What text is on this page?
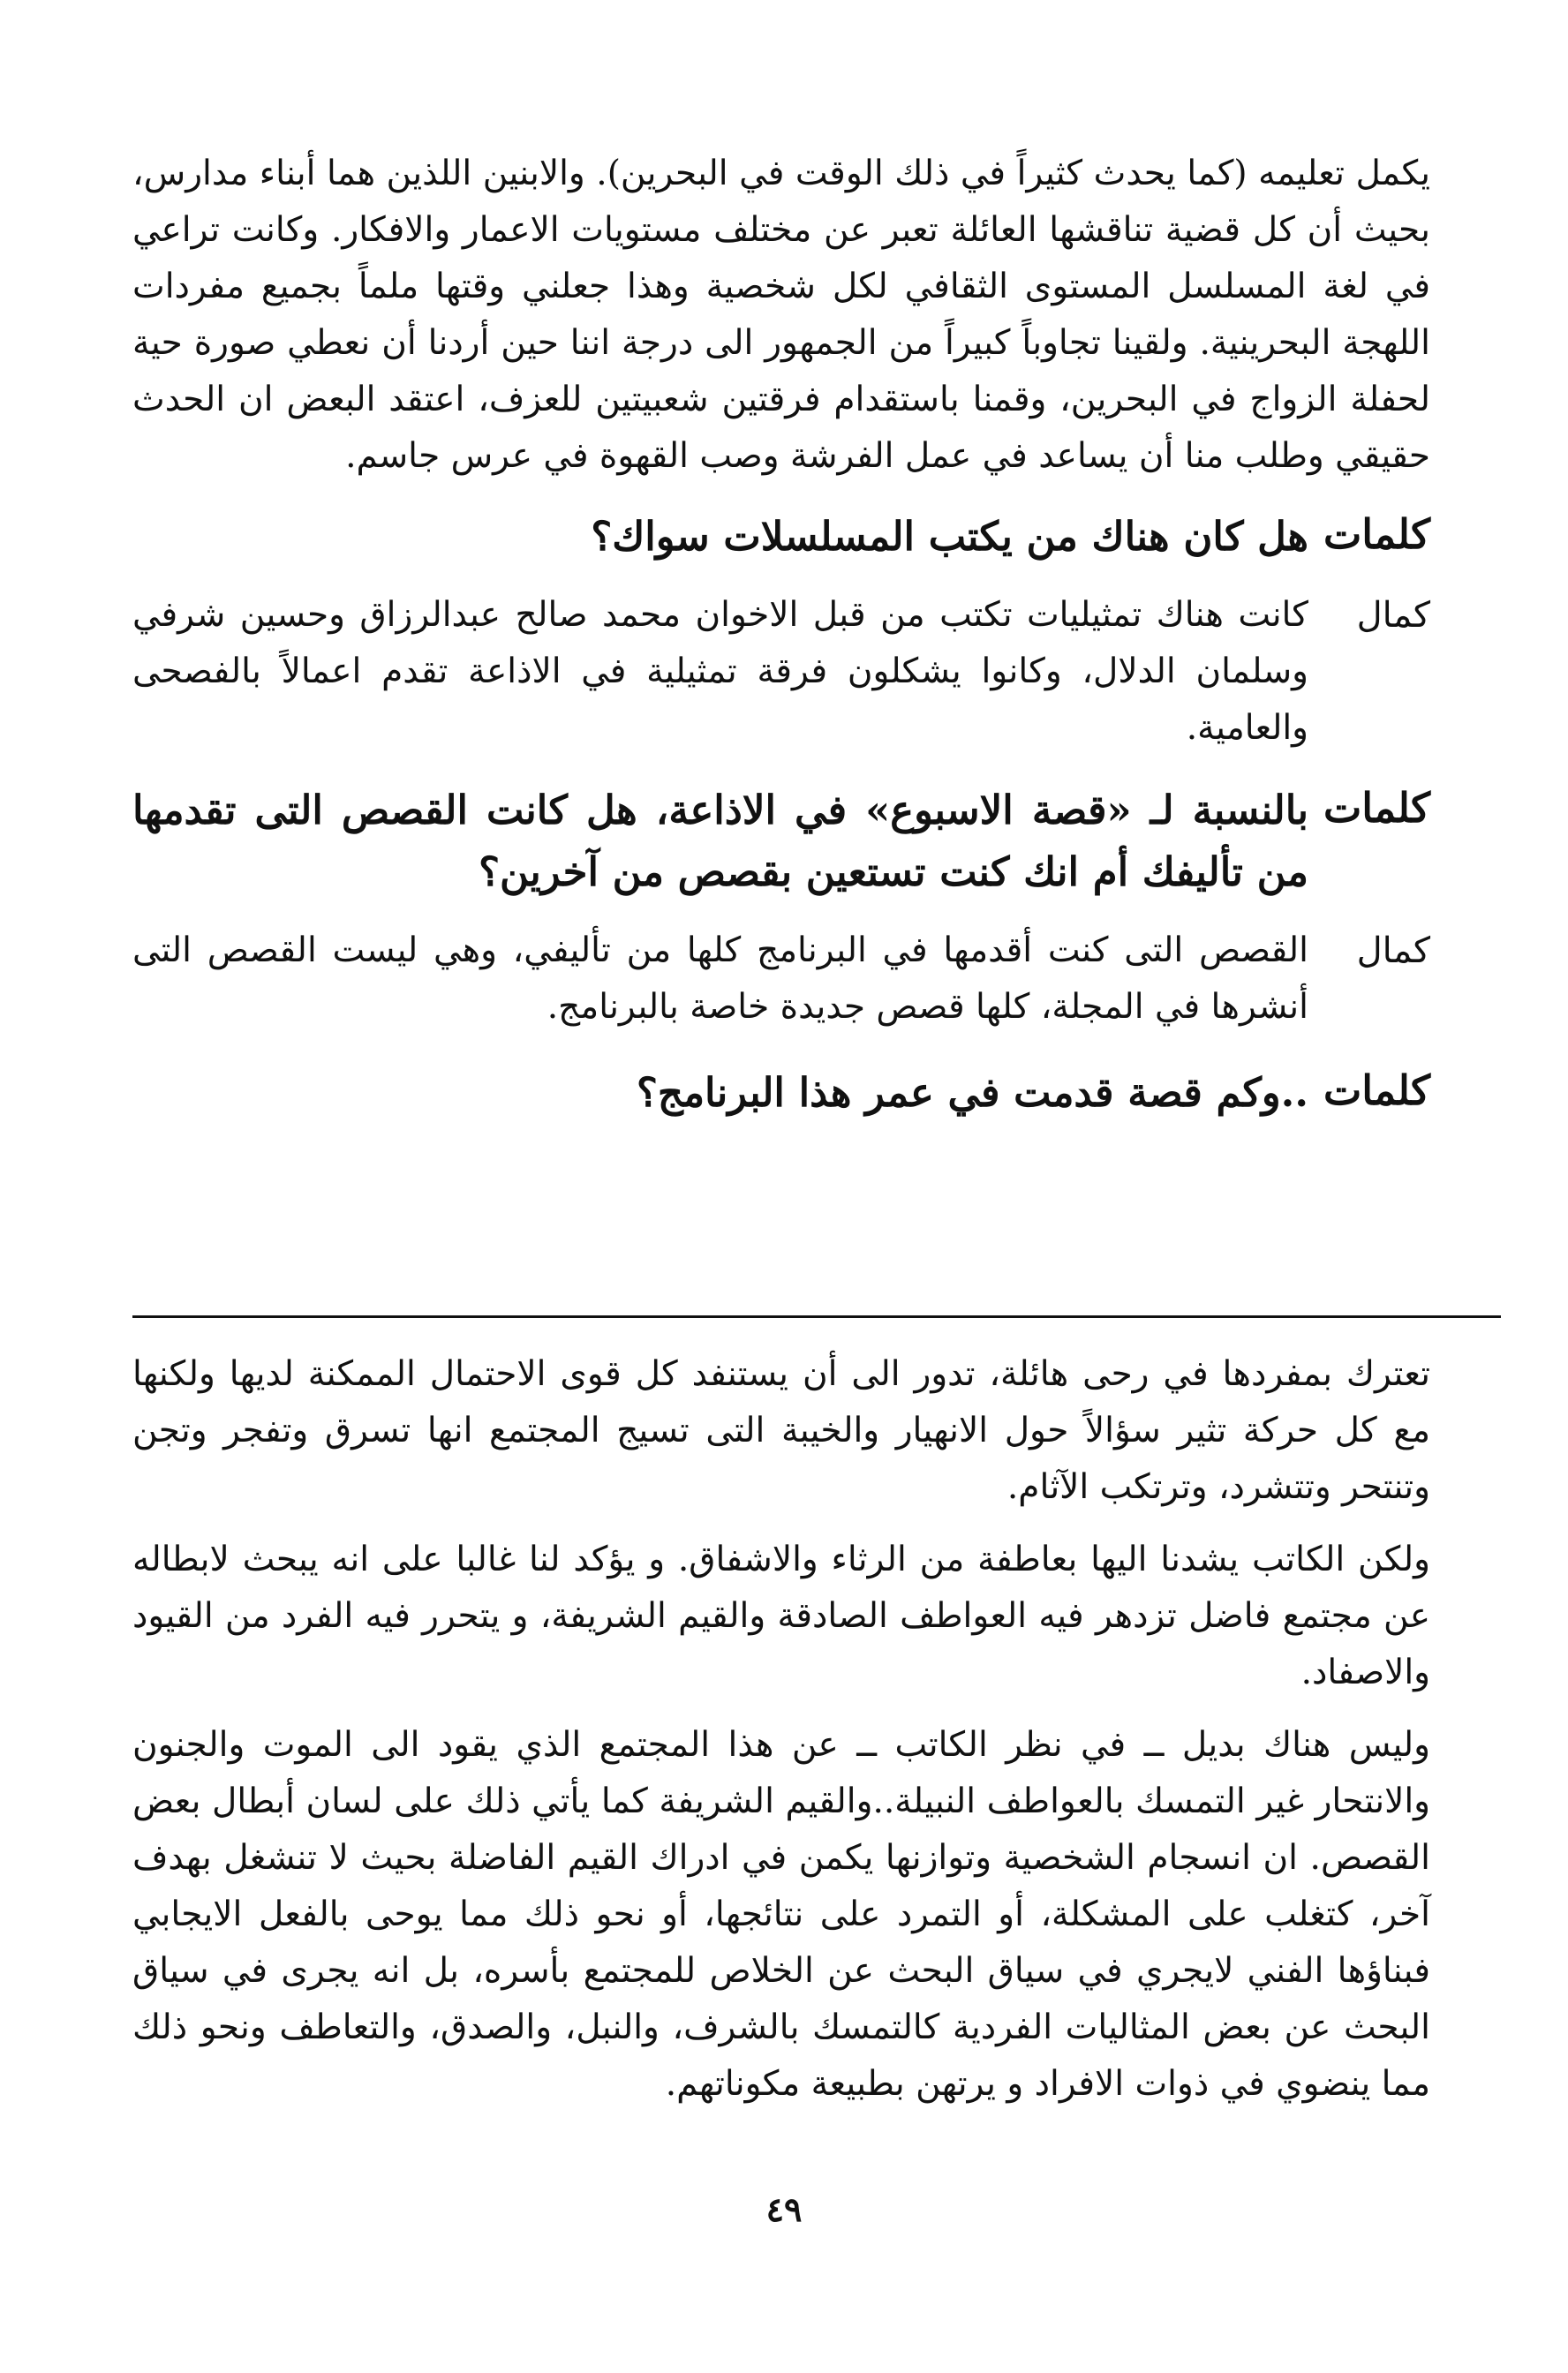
يكمل تعليمه (كما يحدث كثيراً في ذلك الوقت في البحرين). والابنين اللذين هما أبناء مدارس، بحيث أن كل قضية تناقشها العائلة تعبر عن مختلف مستويات الاعمار والافكار. وكانت تراعي في لغة المسلسل المستوى الثقافي لكل شخصية وهذا جعلني وقتها ملماً بجميع مفردات اللهجة البحرينية. ولقينا تجاوباً كبيراً من الجمهور الى درجة اننا حين أردنا أن نعطي صورة حية لحفلة الزواج في البحرين، وقمنا باستقدام فرقتين شعبيتين للعزف، اعتقد البعض ان الحدث حقيقي وطلب منا أن يساعد في عمل الفرشة وصب القهوة في عرس جاسم.

كلمات
هل كان هناك من يكتب المسلسلات سواك؟
كمال
كانت هناك تمثيليات تكتب من قبل الاخوان محمد صالح عبدالرزاق وحسين شرفي وسلمان الدلال، وكانوا يشكلون فرقة تمثيلية في الاذاعة تقدم اعمالاً بالفصحى والعامية.
كلمات
بالنسبة لـ «قصة الاسبوع» في الاذاعة، هل كانت القصص التى تقدمها من تأليفك أم انك كنت تستعين بقصص من آخرين؟
كمال
القصص التى كنت أقدمها في البرنامج كلها من تأليفي، وهي ليست القصص التى أنشرها في المجلة، كلها قصص جديدة خاصة بالبرنامج.
كلمات
..وكم قصة قدمت في عمر هذا البرنامج؟

تعترك بمفردها في رحى هائلة، تدور الى أن يستنفد كل قوى الاحتمال الممكنة لديها ولكنها مع كل حركة تثير سؤالاً حول الانهيار والخيبة التى تسيج المجتمع انها تسرق وتفجر وتجن وتنتحر وتتشرد، وترتكب الآثام.

ولكن الكاتب يشدنا اليها بعاطفة من الرثاء والاشفاق. و يؤكد لنا غالبا على انه يبحث لابطاله عن مجتمع فاضل تزدهر فيه العواطف الصادقة والقيم الشريفة، و يتحرر فيه الفرد من القيود والاصفاد.

وليس هناك بديل ــ في نظر الكاتب ــ عن هذا المجتمع الذي يقود الى الموت والجنون والانتحار غير التمسك بالعواطف النبيلة..والقيم الشريفة كما يأتي ذلك على لسان أبطال بعض القصص. ان انسجام الشخصية وتوازنها يكمن في ادراك القيم الفاضلة بحيث لا تنشغل بهدف آخر، كتغلب على المشكلة، أو التمرد على نتائجها، أو نحو ذلك مما يوحى بالفعل الايجابي فبناؤها الفني لايجري في سياق البحث عن الخلاص للمجتمع بأسره، بل انه يجرى في سياق البحث عن بعض المثاليات الفردية كالتمسك بالشرف، والنبل، والصدق، والتعاطف ونحو ذلك مما ينضوي في ذوات الافراد و يرتهن بطبيعة مكوناتهم.

٤٩
